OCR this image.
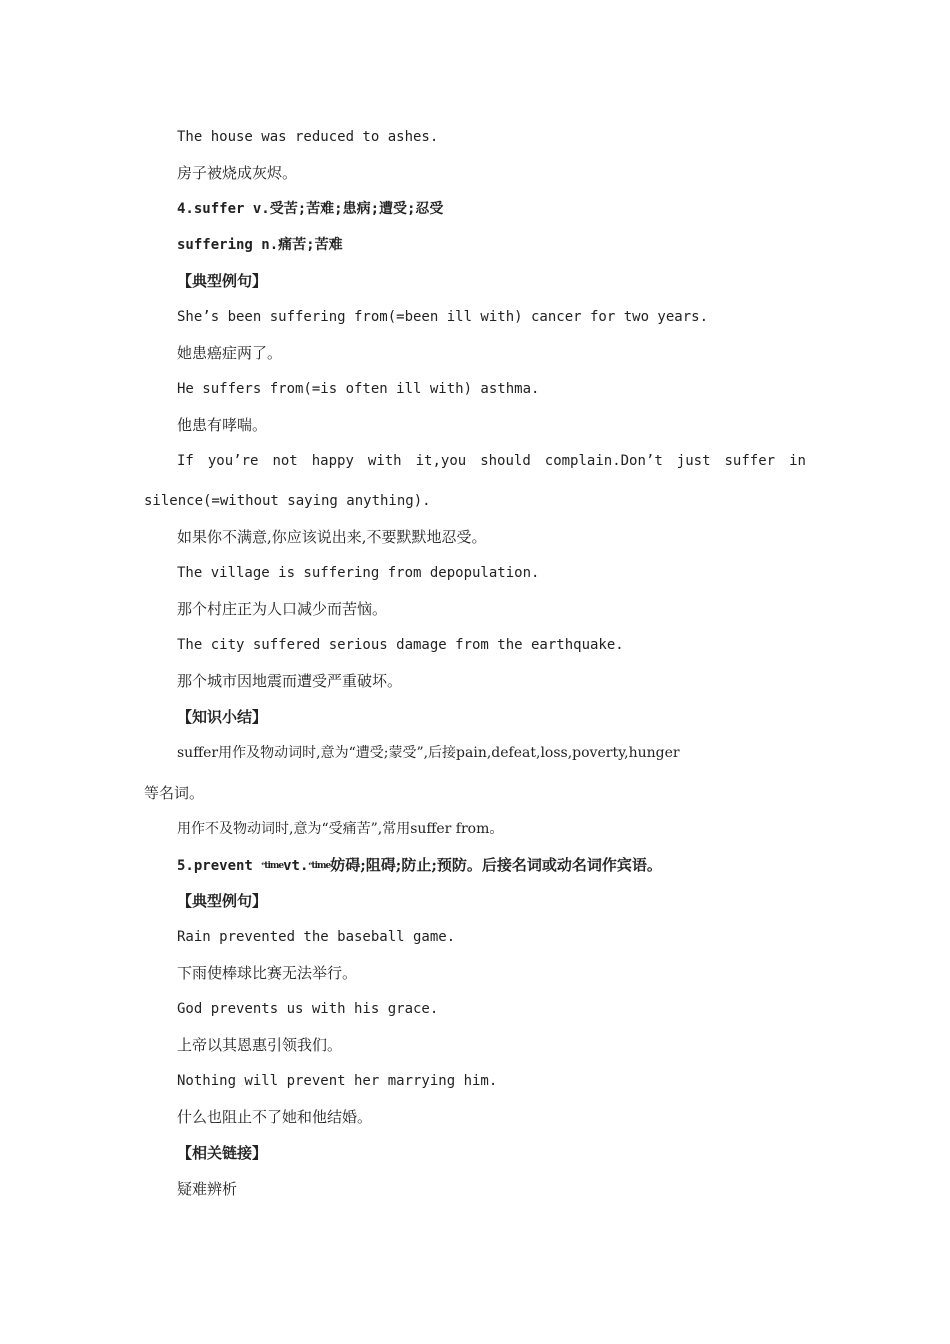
The house was reduced to ashes.
房子被烧成灰烬。
4.suffer v.受苦;苦难;患病;遭受;忍受
suffering n.痛苦;苦难
【典型例句】
She’s been suffering from(=been ill with) cancer for two years.
她患癌症两了。
He suffers from(=is often ill with) asthma.
他患有哮喘。
If you’re not happy with it,you should complain.Don’t just suffer in
silence(=without saying anything).
如果你不满意,你应该说出来,不要默默地忍受。
The village is suffering from depopulation.
那个村庄正为人口减少而苦恼。
The city suffered serious damage from the earthquake.
那个城市因地震而遭受严重破坏。
【知识小结】
suffer用作及物动词时,意为“遭受;蒙受”,后接pain,defeat,loss,poverty,hunger
等名词。
用作不及物动词时,意为“受痛苦”,常用suffer from。
5.prevent ᵉtimevt.ᵉtime妨碍;阻碍;防止;预防。后接名词或动名词作宾语。
【典型例句】
Rain prevented the baseball game.
下雨使棒球比赛无法举行。
God prevents us with his grace.
上帝以其恩惠引领我们。
Nothing will prevent her marrying him.
什么也阻止不了她和他结婚。
【相关链接】
疑难辨析
